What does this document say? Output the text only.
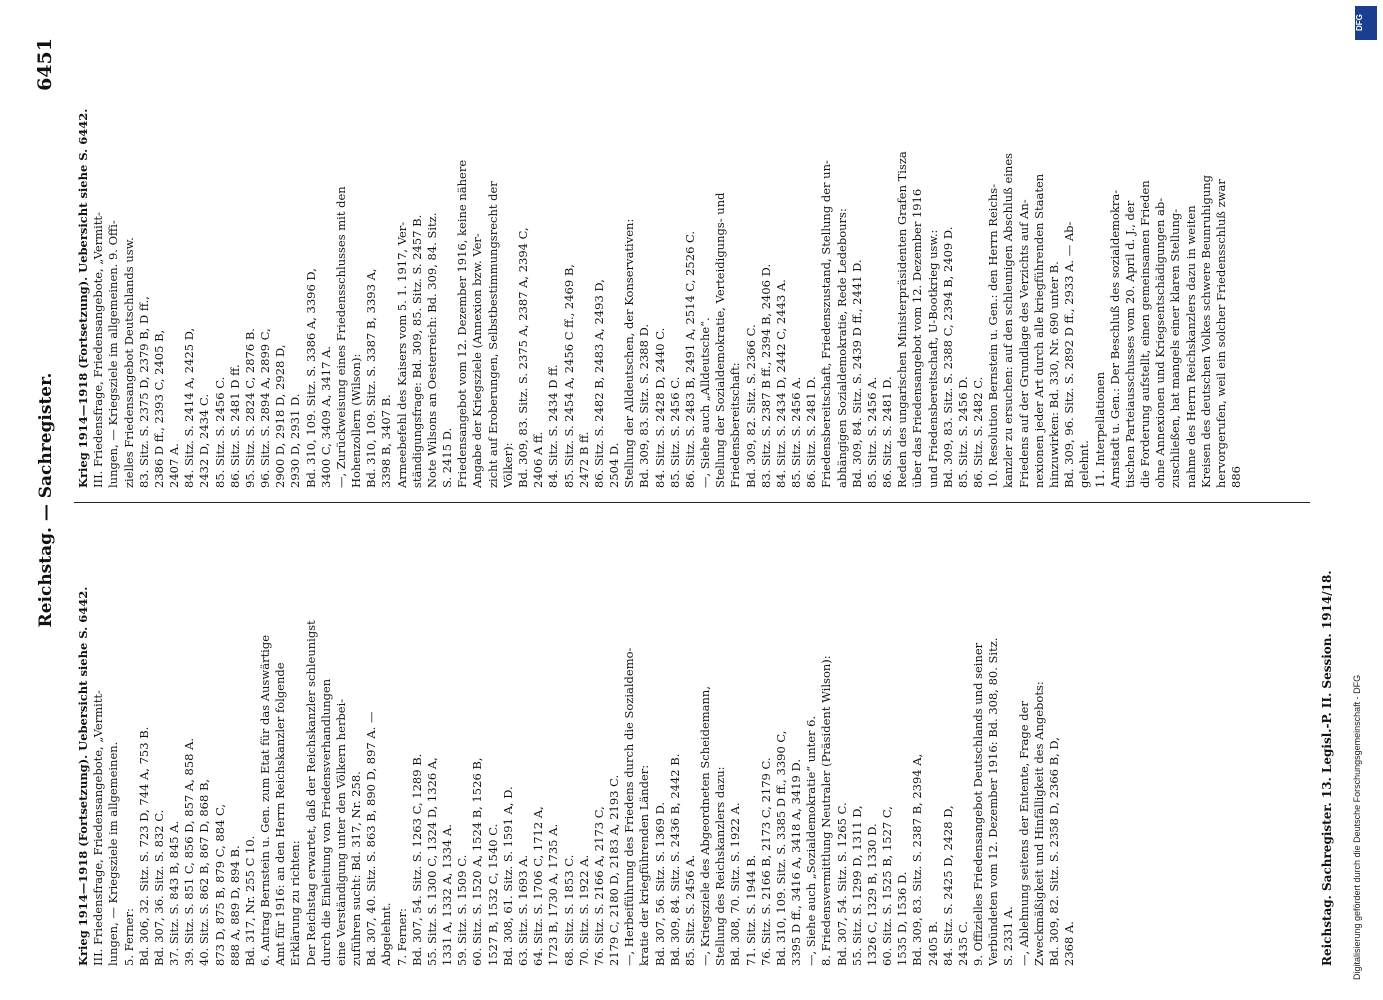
Reichstag. — Sachregister.
6451
Krieg 1914—1918 (Fortsetzung). Uebersicht siehe S. 6442. III. Friedensfrage, Friedensangebote, „Vermitt- lungen, — Kriegsziele im allgemeinen. 5. Ferner: Bd. 306, 32. Sitz. S. 723 D, 744 A, 753 B. Bd. 307, 36. Sitz. S. 832 C. 37. Sitz. S. 843 B, 845 A. 39. Sitz. S. 851 C, 856 D, 857 A, 858 A. 40. Sitz. S. 862 B, 867 D, 868 B, 873 D, 875 B, 879 C, 884 C, 888 A, 889 D, 894 B. Bd. 317, Nr. 255 C 10. 6. Antrag Bernstein u. Gen. zum Etat für das Auswärtige Amt für 1916: an den Herrn Reichskanzler folgende Erklärung zu richten: Der Reichstag erwartet, daß der Reichskanzler schleunigst durch die Einleitung von Friedensverhandlungen eine Verständigung unter den Völkern herbei- zuführen sucht: Bd. 317, Nr. 258. Bd. 307, 40. Sitz. S. 863 B, 890 D, 897 A. — Abgelehnt. 7. Ferner: Bd. 307, 54. Sitz. S. 1263 C, 1289 B. 55. Sitz. S. 1300 C, 1324 D, 1326 A, 1331 A, 1332 A, 1334 A. 59. Sitz. S. 1509 C. 60. Sitz. S. 1520 A, 1524 B, 1526 B, 1527 B, 1532 C, 1540 C. Bd. 308, 61. Sitz. S. 1591 A, D. 63. Sitz. S. 1693 A. 64. Sitz. S. 1706 C, 1712 A, 1723 B, 1730 A, 1735 A. 68. Sitz. S. 1853 C. 70. Sitz. S. 1922 A. 76. Sitz. S. 2166 A, 2173 C, 2179 C, 2180 D, 2183 A, 2193 C. —, Herbeiführung des Friedens durch die Sozialdemo- kratie der kriegführenden Länder: Bd. 307, 56. Sitz. S. 1369 D. Bd. 309, 84. Sitz. S. 2436 B, 2442 B. 85. Sitz. S. 2456 A. —, Kriegsziele des Abgeordneten Scheidemann, Stellung des Reichskanzlers dazu: Bd. 308, 70. Sitz. S. 1922 A. 71. Sitz. S. 1944 B. 76. Sitz. S. 2166 B, 2173 C, 2179 C. Bd. 310, 109. Sitz. S. 3385 D ff., 3390 C, 3395 D ff., 3416 A, 3418 A, 3419 D. —, Siehe auch „Sozialdemokratie“ unter 6. 8. Friedensvermittlung Neutraler (Präsident Wilson): Bd. 307, 54. Sitz. S. 1265 C. 55. Sitz. S. 1299 D, 1311 D, 1326 C, 1329 B, 1330 D. 60. Sitz. S. 1525 B, 1527 C, 1535 D, 1536 D. Bd. 309, 83. Sitz. S. 2387 B, 2394 A, 2405 B. 84. Sitz. S. 2425 D, 2428 D, 2435 C. 9. Offizielles Friedensangebot Deutschlands und seiner Verbündeten vom 12. Dezember 1916: Bd. 308, 80. Sitz. S. 2331 A. —, Ablehnung seitens der Entente, Frage der Zweckmäßigkeit und Hinfälligkeit des Angebots: Bd. 309, 82. Sitz. S. 2358 D, 2366 B, D, 2368 A.
Krieg 1914—1918 (Fortsetzung). Uebersicht siehe S. 6442. III. Friedensfrage, Friedensangebote, „Vermitt- lungen, — Kriegsziele im allgemeinen. 9. Offi- zielles Friedensangebot Deutschlands usw. 83. Sitz. S. 2375 D, 2379 B, D ff., 2386 D ff., 2393 C, 2405 B, 2407 A. 84. Sitz. S. 2414 A, 2425 D, 2432 D, 2434 C. 85. Sitz. S. 2456 C. 86. Sitz. S. 2481 D ff. 95. Sitz. S. 2824 C, 2876 B. 96. Sitz. S. 2894 A, 2899 C, 2900 D, 2918 D, 2928 D, 2930 D, 2931 D. Bd. 310, 109. Sitz. S. 3386 A, 3396 D, 3400 C, 3409 A, 3417 A. —, Zurückweisung eines Friedensschlusses mit den Hohenzollern (Wilson): Bd. 310, 109. Sitz. S. 3387 B, 3393 A, 3398 B, 3407 B. Armeebefehl des Kaisers vom 5. 1. 1917, Ver- ständigungsfrage: Bd. 309, 85. Sitz. S. 2457 B. Note Wilsons an Oesterreich: Bd. 309, 84. Sitz. S. 2415 D. Friedensangebot vom 12. Dezember 1916, keine nähere Angabe der Kriegsziele (Annexion bzw. Ver- zicht auf Eroberungen, Selbstbestimmungsrecht der Völker): Bd. 309, 83. Sitz. S. 2375 A, 2387 A, 2394 C, 2406 A ff. 84. Sitz. S. 2434 D ff. 85. Sitz. S. 2454 A, 2456 C ff., 2469 B, 2472 B ff. 86. Sitz. S. 2482 B, 2483 A, 2493 D, 2504 D. Stellung der Alldeutschen, der Konservativen: Bd. 309, 83. Sitz. S. 2388 D. 84. Sitz. S. 2428 D, 2440 C. 85. Sitz. S. 2456 C. 86. Sitz. S. 2483 B, 2491 A, 2514 C, 2526 C. —, Siehe auch „Alldeutsche“. Stellung der Sozialdemokratie, Verteidigungs- und Friedensbereitschaft: Bd. 309, 82. Sitz. S. 2366 C. 83. Sitz. S. 2387 B ff., 2394 B, 2406 D. 84. Sitz. S. 2434 D, 2442 C, 2443 A. 85. Sitz. S. 2456 A. 86. Sitz. S. 2481 D. Friedensbereitschaft, Friedenszustand, Stellung der un- abhängigen Sozialdemokratie, Rede Ledebours: Bd. 309, 84. Sitz. S. 2439 D ff., 2441 D. 85. Sitz. S. 2456 A. 86. Sitz. S. 2481 D. Reden des ungarischen Ministerpräsidenten Grafen Tisza über das Friedensangebot vom 12. Dezember 1916 und Friedensbereitschaft, U-Bootkrieg usw.: Bd. 309, 83. Sitz. S. 2388 C, 2394 B, 2409 D. 85. Sitz. S. 2456 D. 86. Sitz. S. 2482 C. 10. Resolution Bernstein u. Gen.: den Herrn Reichs- kanzler zu ersuchen: auf den schleunigen Abschluß eines Friedens auf der Grundlage des Verzichts auf An- nexionen jeder Art durch alle kriegführenden Staaten hinzuwirken: Bd. 330, Nr. 690 unter B. Bd. 309, 96. Sitz. S. 2892 D ff., 2933 A. — Ab- gelehnt. 11. Interpellationen Arnstadt u. Gen.: Der Beschluß des sozialdemokra- tischen Parteiausschusses vom 20. April d. J., der die Forderung aufstellt, einen gemeinsamen Frieden ohne Annexionen und Kriegsentschädigungen ab- zuschließen, hat mangels einer klaren Stellung- nahme des Herrn Reichskanzlers dazu in weiten Kreisen des deutschen Volkes schwere Beunruhigung hervorgerufen, weil ein solcher Friedensschluß zwar 886
Reichstag. Sachregister. 13. Legisl.-P. II. Session. 1914/18. Digitalisierung gefördert durch die Deutsche Forschungsgemeinschaft - DFG
DFG
